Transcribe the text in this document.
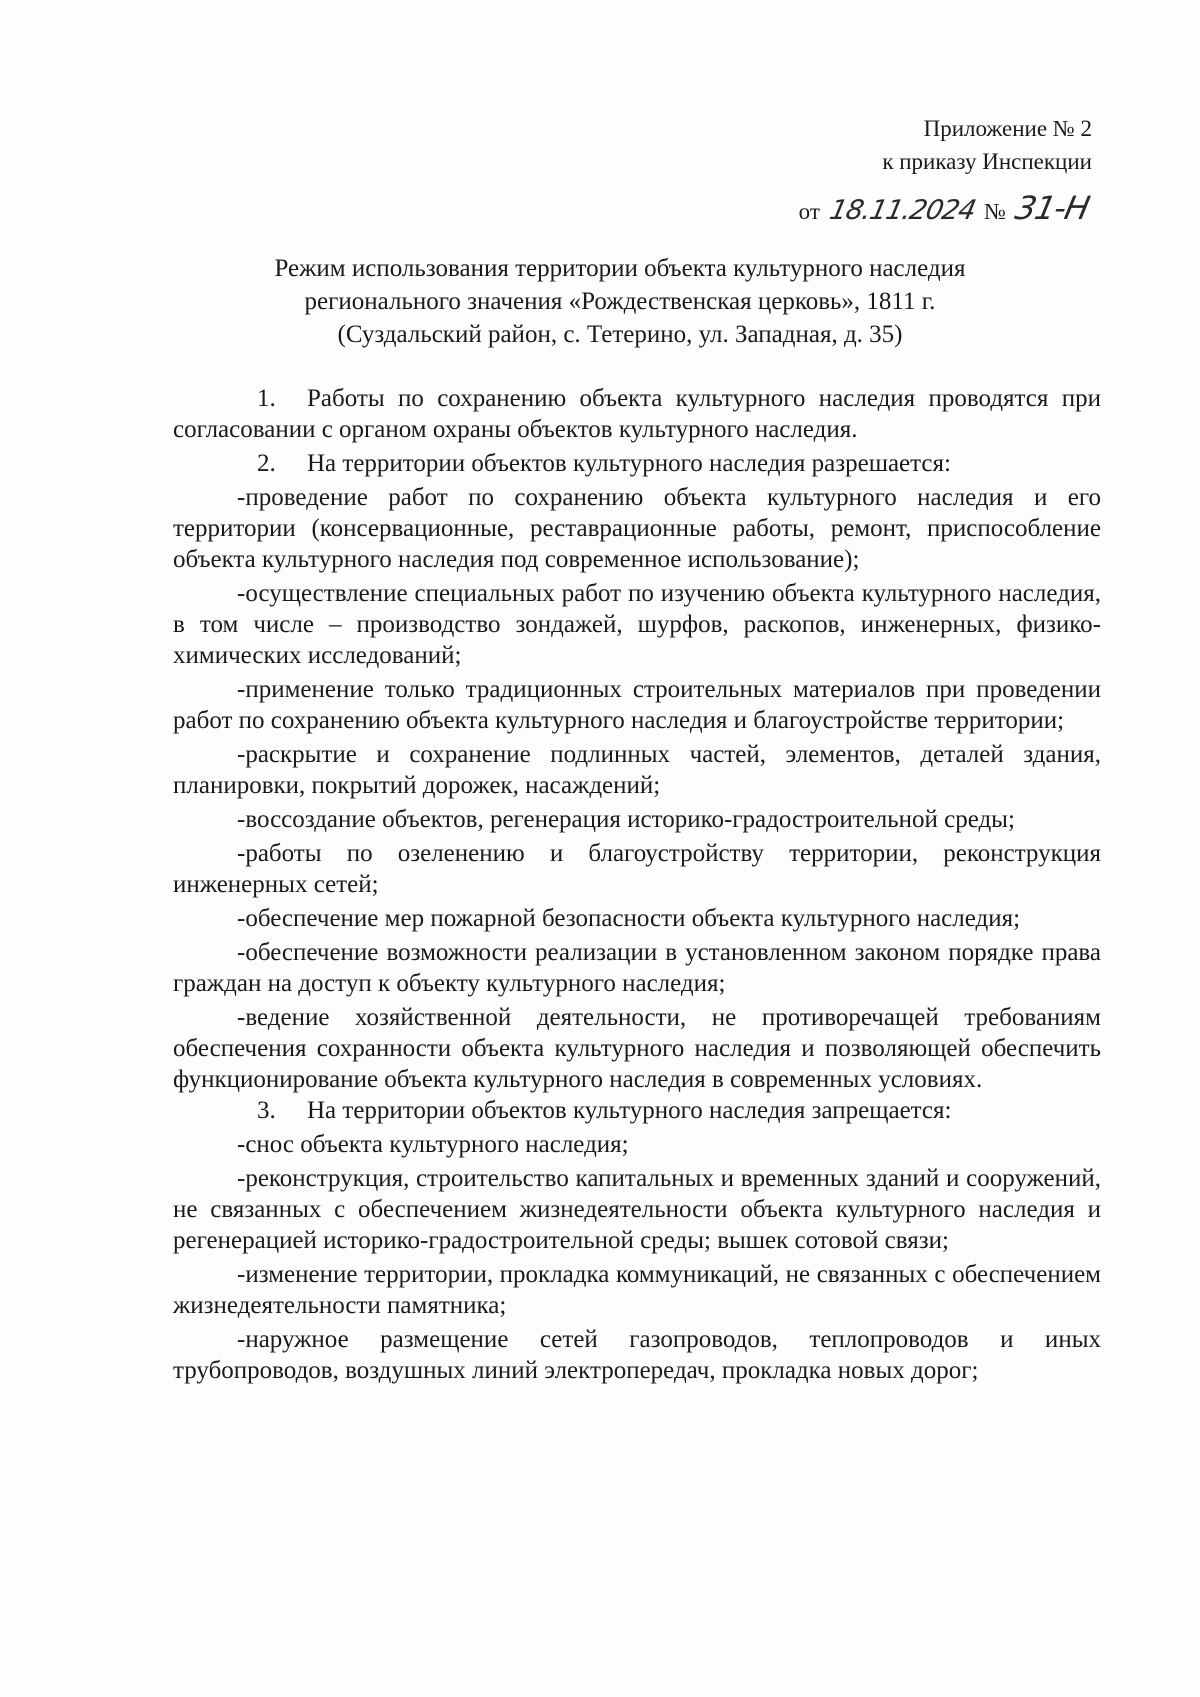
Приложение № 2
к приказу Инспекции
от 18.11.2024 № 31-Н
Режим использования территории объекта культурного наследия
регионального значения «Рождественская церковь», 1811 г.
(Суздальский район, с. Тетерино, ул. Западная, д. 35)

1. Работы по сохранению объекта культурного наследия проводятся при согласовании с органом охраны объектов культурного наследия.

2. На территории объектов культурного наследия разрешается:

-проведение работ по сохранению объекта культурного наследия и его территории (консервационные, реставрационные работы, ремонт, приспособление объекта культурного наследия под современное использование);

-осуществление специальных работ по изучению объекта культурного наследия, в том числе – производство зондажей, шурфов, раскопов, инженерных, физико-химических исследований;

-применение только традиционных строительных материалов при проведении работ по сохранению объекта культурного наследия и благоустройстве территории;

-раскрытие и сохранение подлинных частей, элементов, деталей здания, планировки, покрытий дорожек, насаждений;

-воссоздание объектов, регенерация историко-градостроительной среды;

-работы по озеленению и благоустройству территории, реконструкция инженерных сетей;

-обеспечение мер пожарной безопасности объекта культурного наследия;

-обеспечение возможности реализации в установленном законом порядке права граждан на доступ к объекту культурного наследия;

-ведение хозяйственной деятельности, не противоречащей требованиям обеспечения сохранности объекта культурного наследия и позволяющей обеспечить функционирование объекта культурного наследия в современных условиях.

3. На территории объектов культурного наследия запрещается:

-снос объекта культурного наследия;

-реконструкция, строительство капитальных и временных зданий и сооружений, не связанных с обеспечением жизнедеятельности объекта культурного наследия и регенерацией историко-градостроительной среды; вышек сотовой связи;

-изменение территории, прокладка коммуникаций, не связанных с обеспечением жизнедеятельности памятника;

-наружное размещение сетей газопроводов, теплопроводов и иных трубопроводов, воздушных линий электропередач, прокладка новых дорог;
